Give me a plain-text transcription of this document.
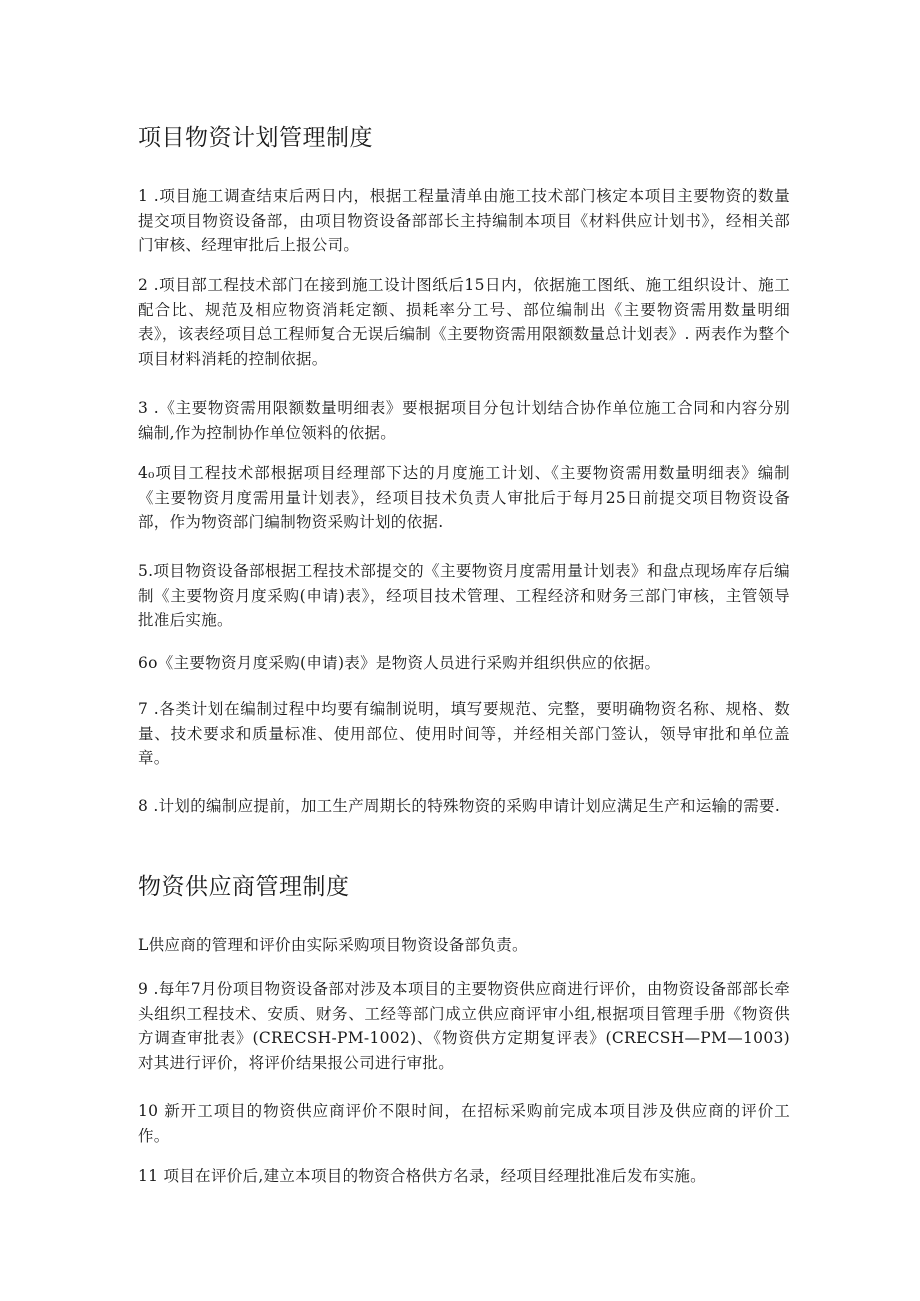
项目物资计划管理制度

1 .项目施工调查结束后两日内，根据工程量清单由施工技术部门核定本项目主要物资的数量提交项目物资设备部，由项目物资设备部部长主持编制本项目《材料供应计划书》，经相关部门审核、经理审批后上报公司。

2 .项目部工程技术部门在接到施工设计图纸后15日内，依据施工图纸、施工组织设计、施工配合比、规范及相应物资消耗定额、损耗率分工号、部位编制出《主要物资需用数量明细表》，该表经项目总工程师复合无误后编制《主要物资需用限额数量总计划表》. 两表作为整个项目材料消耗的控制依据。

3 .《主要物资需用限额数量明细表》要根据项目分包计划结合协作单位施工合同和内容分别编制,作为控制协作单位领料的依据。

4₀项目工程技术部根据项目经理部下达的月度施工计划、《主要物资需用数量明细表》编制《主要物资月度需用量计划表》，经项目技术负责人审批后于每月25日前提交项目物资设备部，作为物资部门编制物资采购计划的依据.

5.项目物资设备部根据工程技术部提交的《主要物资月度需用量计划表》和盘点现场库存后编制《主要物资月度采购(申请)表》，经项目技术管理、工程经济和财务三部门审核，主管领导批准后实施。

6o《主要物资月度采购(申请)表》是物资人员进行采购并组织供应的依据。

7 .各类计划在编制过程中均要有编制说明，填写要规范、完整，要明确物资名称、规格、数量、技术要求和质量标准、使用部位、使用时间等，并经相关部门签认，领导审批和单位盖章。

8 .计划的编制应提前，加工生产周期长的特殊物资的采购申请计划应满足生产和运输的需要.

物资供应商管理制度

L供应商的管理和评价由实际采购项目物资设备部负责。

9 .每年7月份项目物资设备部对涉及本项目的主要物资供应商进行评价，由物资设备部部长牵头组织工程技术、安质、财务、工经等部门成立供应商评审小组,根据项目管理手册《物资供方调查审批表》(CRECSH-PM-1002)、《物资供方定期复评表》(CRECSH—PM—1003)对其进行评价，将评价结果报公司进行审批。

10 新开工项目的物资供应商评价不限时间，在招标采购前完成本项目涉及供应商的评价工作。

11 项目在评价后,建立本项目的物资合格供方名录，经项目经理批准后发布实施。
